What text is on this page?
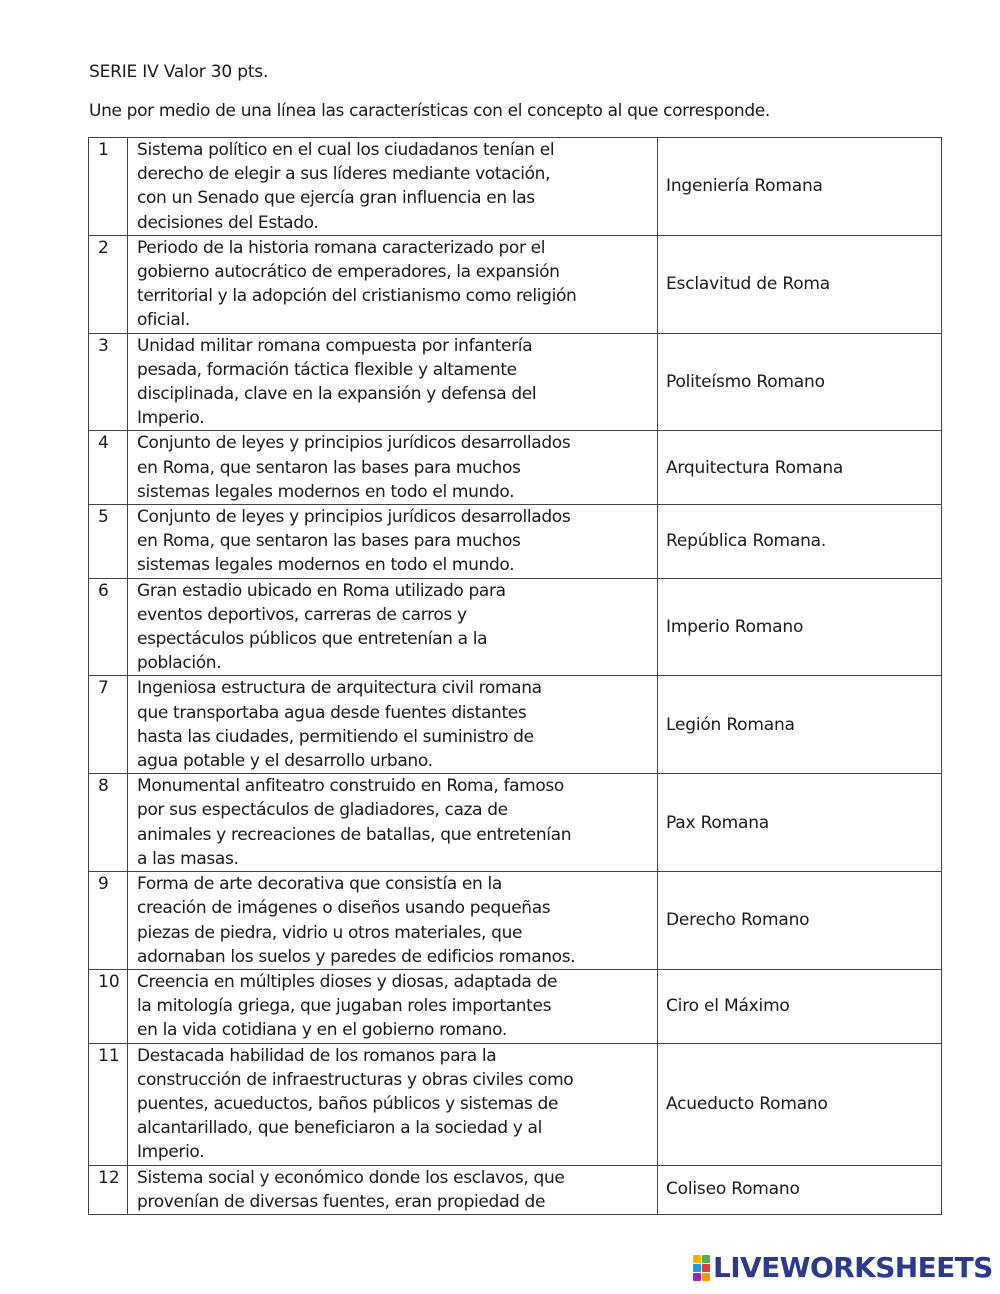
SERIE IV Valor 30 pts.
Une por medio de una línea las características con el concepto al que corresponde.
1	Sistema político en el cual los ciudadanos tenían el
derecho de elegir a sus líderes mediante votación,
con un Senado que ejercía gran influencia en las
decisiones del Estado.	Ingeniería Romana
2	Periodo de la historia romana caracterizado por el
gobierno autocrático de emperadores, la expansión
territorial y la adopción del cristianismo como religión
oficial.	Esclavitud de Roma
3	Unidad militar romana compuesta por infantería
pesada, formación táctica flexible y altamente
disciplinada, clave en la expansión y defensa del
Imperio.	Politeísmo Romano
4	Conjunto de leyes y principios jurídicos desarrollados
en Roma, que sentaron las bases para muchos
sistemas legales modernos en todo el mundo.	Arquitectura Romana
5	Conjunto de leyes y principios jurídicos desarrollados
en Roma, que sentaron las bases para muchos
sistemas legales modernos en todo el mundo.	República Romana.
6	Gran estadio ubicado en Roma utilizado para
eventos deportivos, carreras de carros y
espectáculos públicos que entretenían a la
población.	Imperio Romano
7	Ingeniosa estructura de arquitectura civil romana
que transportaba agua desde fuentes distantes
hasta las ciudades, permitiendo el suministro de
agua potable y el desarrollo urbano.	Legión Romana
8	Monumental anfiteatro construido en Roma, famoso
por sus espectáculos de gladiadores, caza de
animales y recreaciones de batallas, que entretenían
a las masas.	Pax Romana
9	Forma de arte decorativa que consistía en la
creación de imágenes o diseños usando pequeñas
piezas de piedra, vidrio u otros materiales, que
adornaban los suelos y paredes de edificios romanos.	Derecho Romano
10	Creencia en múltiples dioses y diosas, adaptada de
la mitología griega, que jugaban roles importantes
en la vida cotidiana y en el gobierno romano.	Ciro el Máximo
11	Destacada habilidad de los romanos para la
construcción de infraestructuras y obras civiles como
puentes, acueductos, baños públicos y sistemas de
alcantarillado, que beneficiaron a la sociedad y al
Imperio.	Acueducto Romano
12	Sistema social y económico donde los esclavos, que
provenían de diversas fuentes, eran propiedad de	Coliseo Romano
LIVEWORKSHEETS
